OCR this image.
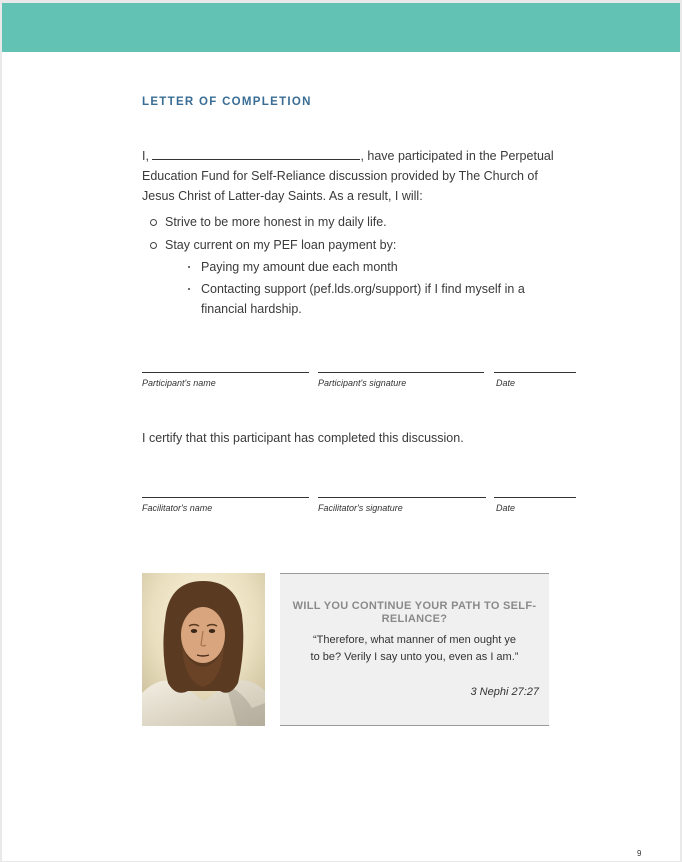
LETTER OF COMPLETION
I,	, have participated in the Perpetual Education Fund for Self-Reliance discussion provided by The Church of Jesus Christ of Latter-day Saints. As a result, I will:
Strive to be more honest in my daily life.
Stay current on my PEF loan payment by:
Paying my amount due each month
Contacting support (pef.lds.org/support) if I find myself in a financial hardship.
Participant's name	Participant's signature	Date
I certify that this participant has completed this discussion.
Facilitator's name	Facilitator's signature	Date
WILL YOU CONTINUE YOUR PATH TO SELF-RELIANCE?
“Therefore, what manner of men ought ye to be? Verily I say unto you, even as I am.”
3 Nephi 27:27
9
